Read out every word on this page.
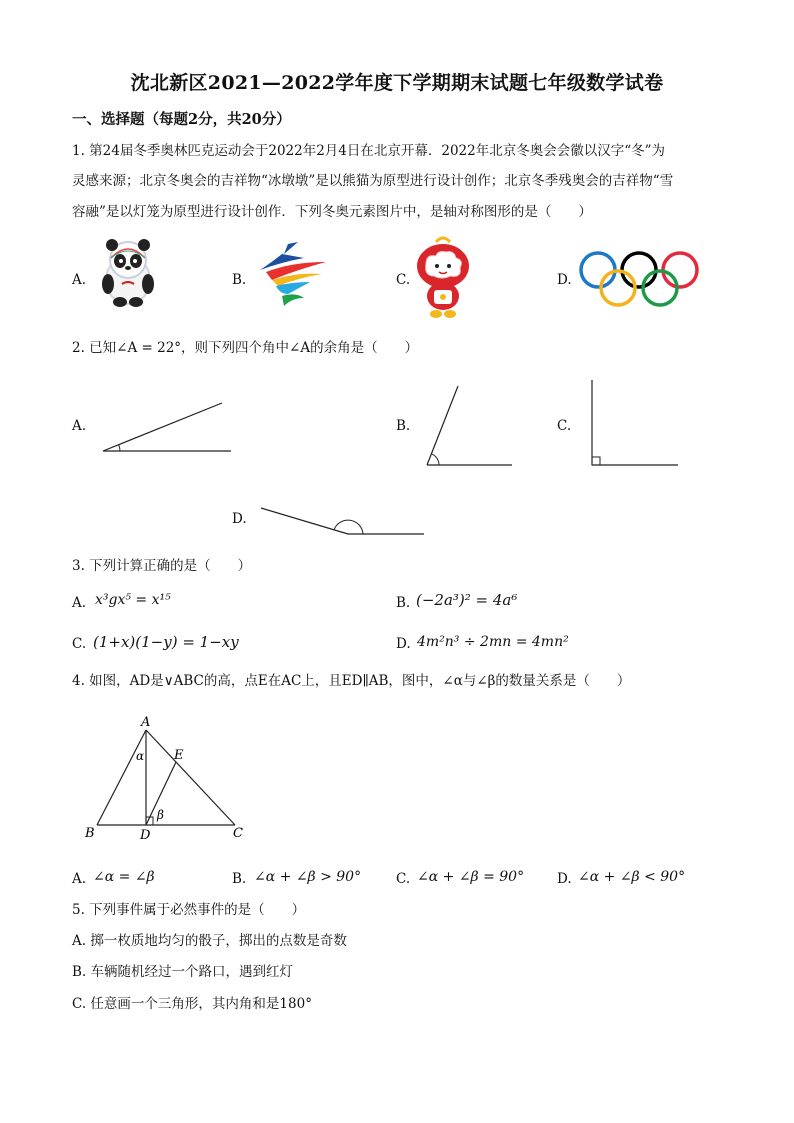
沈北新区2021—2022学年度下学期期末试题七年级数学试卷
一、选择题（每题2分，共20分）
1. 第24届冬季奥林匹克运动会于2022年2月4日在北京开幕．2022年北京冬奥会会徽以汉字“冬”为
灵感来源；北京冬奥会的吉祥物“冰墩墩”是以熊猫为原型进行设计创作；北京冬季残奥会的吉祥物“雪
容融”是以灯笼为原型进行设计创作．下列冬奥元素图片中，是轴对称图形的是（　　）
A.	B.	C.	D.
2. 已知∠A = 22°，则下列四个角中∠A的余角是（　　）
A.	B.	C.
D.
3. 下列计算正确的是（　　）
A. x³gx⁵ = x¹⁵	B. (−2a³)² = 4a⁶
C. (1+x)(1−y) = 1−xy	D. 4m²n³ ÷ 2mn = 4mn²
4. 如图，AD是∨ABC的高，点E在AC上，且ED∥AB，图中，∠α与∠β的数量关系是（　　）
A
B	D	C
E
α
β
A. ∠α = ∠β	B. ∠α + ∠β > 90°	C. ∠α + ∠β = 90° D. ∠α + ∠β < 90°
5. 下列事件属于必然事件的是（　　）
A. 掷一枚质地均匀的骰子，掷出的点数是奇数
B. 车辆随机经过一个路口，遇到红灯
C. 任意画一个三角形，其内角和是180°
